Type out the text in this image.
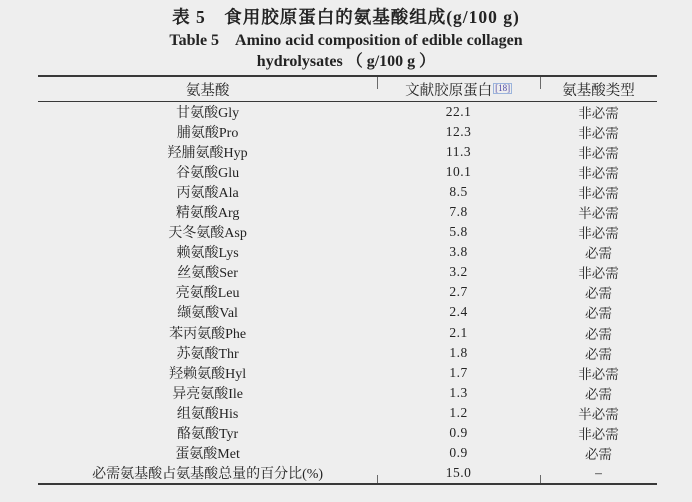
表 5　食用胶原蛋白的氨基酸组成(g/100 g)
Table 5　Amino acid composition of edible collagen
hydrolysates （ g/100 g ）
氨基酸	文献胶原蛋白 [18]	氨基酸类型
甘氨酸Gly	22.1	非必需
脯氨酸Pro	12.3	非必需
羟脯氨酸Hyp	11.3	非必需
谷氨酸Glu	10.1	非必需
丙氨酸Ala	8.5	非必需
精氨酸Arg	7.8	半必需
天冬氨酸Asp	5.8	非必需
赖氨酸Lys	3.8	必需
丝氨酸Ser	3.2	非必需
亮氨酸Leu	2.7	必需
缬氨酸Val	2.4	必需
苯丙氨酸Phe	2.1	必需
苏氨酸Thr	1.8	必需
羟赖氨酸Hyl	1.7	非必需
异亮氨酸Ile	1.3	必需
组氨酸His	1.2	半必需
酪氨酸Tyr	0.9	非必需
蛋氨酸Met	0.9	必需
必需氨基酸占氨基酸总量的百分比(%)	15.0	–
